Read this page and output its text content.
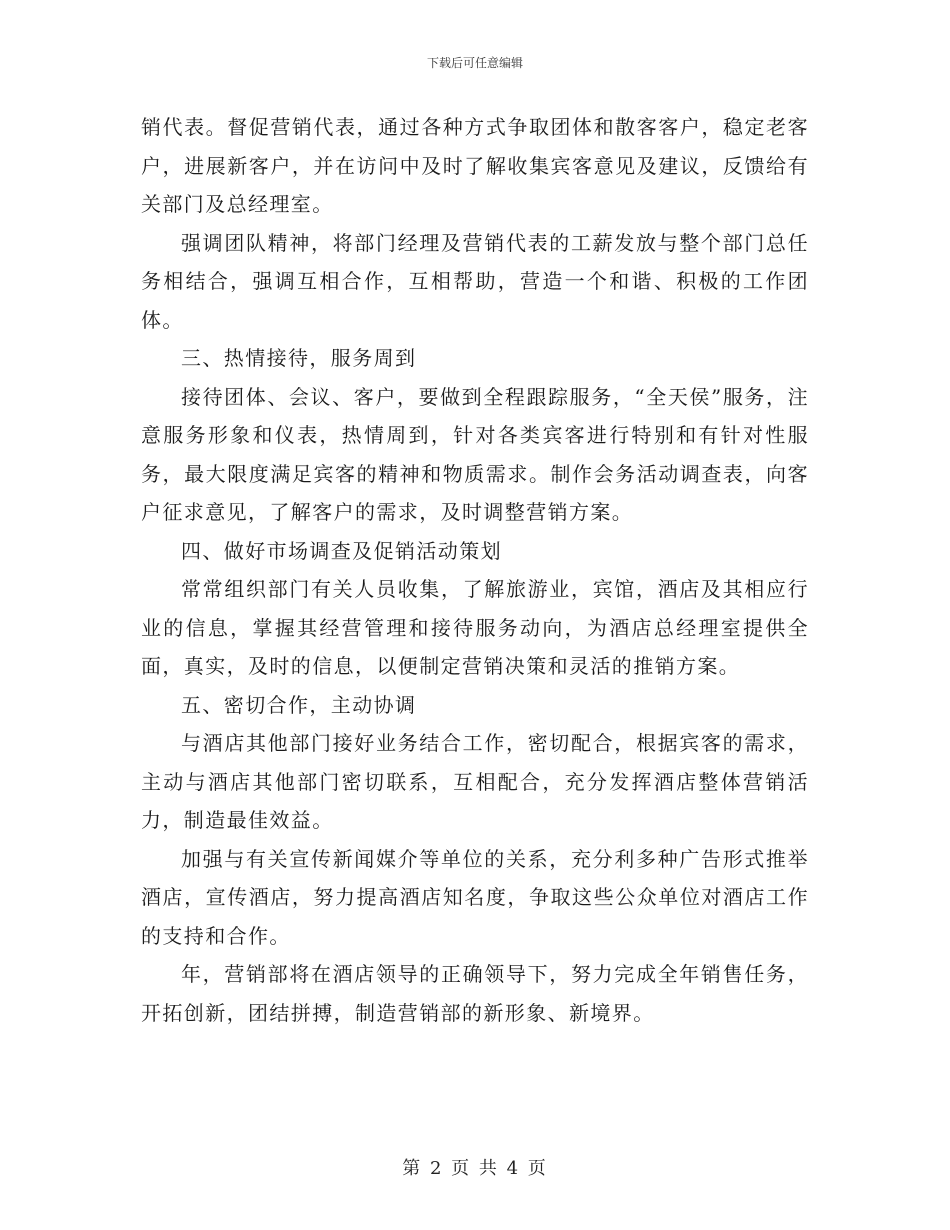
下载后可任意编辑

销代表。督促营销代表，通过各种方式争取团体和散客客户，稳定老客户，进展新客户，并在访问中及时了解收集宾客意见及建议，反馈给有关部门及总经理室。

强调团队精神，将部门经理及营销代表的工薪发放与整个部门总任务相结合，强调互相合作，互相帮助，营造一个和谐、积极的工作团体。

三、热情接待，服务周到

接待团体、会议、客户，要做到全程跟踪服务，“全天侯”服务，注意服务形象和仪表，热情周到，针对各类宾客进行特别和有针对性服务，最大限度满足宾客的精神和物质需求。制作会务活动调查表，向客户征求意见，了解客户的需求，及时调整营销方案。

四、做好市场调查及促销活动策划

常常组织部门有关人员收集，了解旅游业，宾馆，酒店及其相应行业的信息，掌握其经营管理和接待服务动向，为酒店总经理室提供全面，真实，及时的信息，以便制定营销决策和灵活的推销方案。

五、密切合作，主动协调

与酒店其他部门接好业务结合工作，密切配合，根据宾客的需求，主动与酒店其他部门密切联系，互相配合，充分发挥酒店整体营销活力，制造最佳效益。

加强与有关宣传新闻媒介等单位的关系，充分利多种广告形式推举酒店，宣传酒店，努力提高酒店知名度，争取这些公众单位对酒店工作的支持和合作。

年，营销部将在酒店领导的正确领导下，努力完成全年销售任务，开拓创新，团结拼搏，制造营销部的新形象、新境界。

第 2 页 共 4 页
